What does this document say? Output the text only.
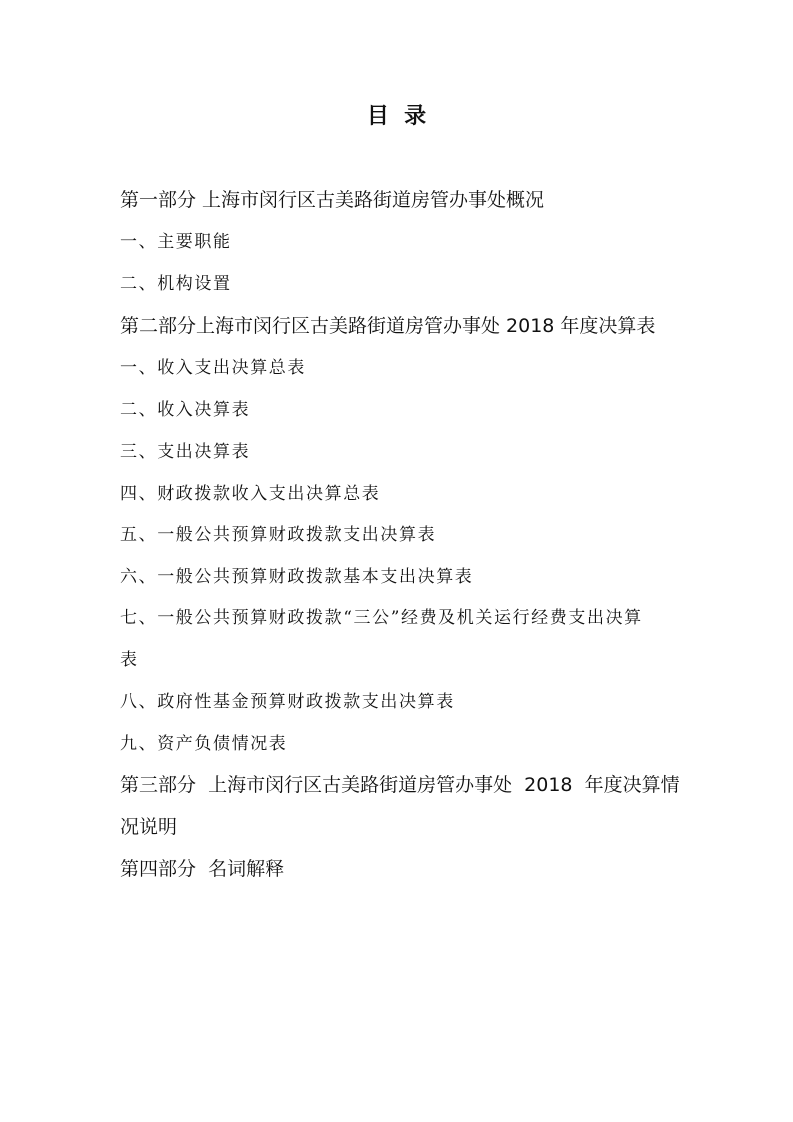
目  录
第一部分 上海市闵行区古美路街道房管办事处概况
一、主要职能
二、机构设置
第二部分上海市闵行区古美路街道房管办事处 2018 年度决算表
一、收入支出决算总表
二、收入决算表
三、支出决算表
四、财政拨款收入支出决算总表
五、一般公共预算财政拨款支出决算表
六、一般公共预算财政拨款基本支出决算表
七、一般公共预算财政拨款“三公”经费及机关运行经费支出决算
表
八、政府性基金预算财政拨款支出决算表
九、资产负债情况表
第三部分  上海市闵行区古美路街道房管办事处  2018  年度决算情
况说明
第四部分  名词解释
